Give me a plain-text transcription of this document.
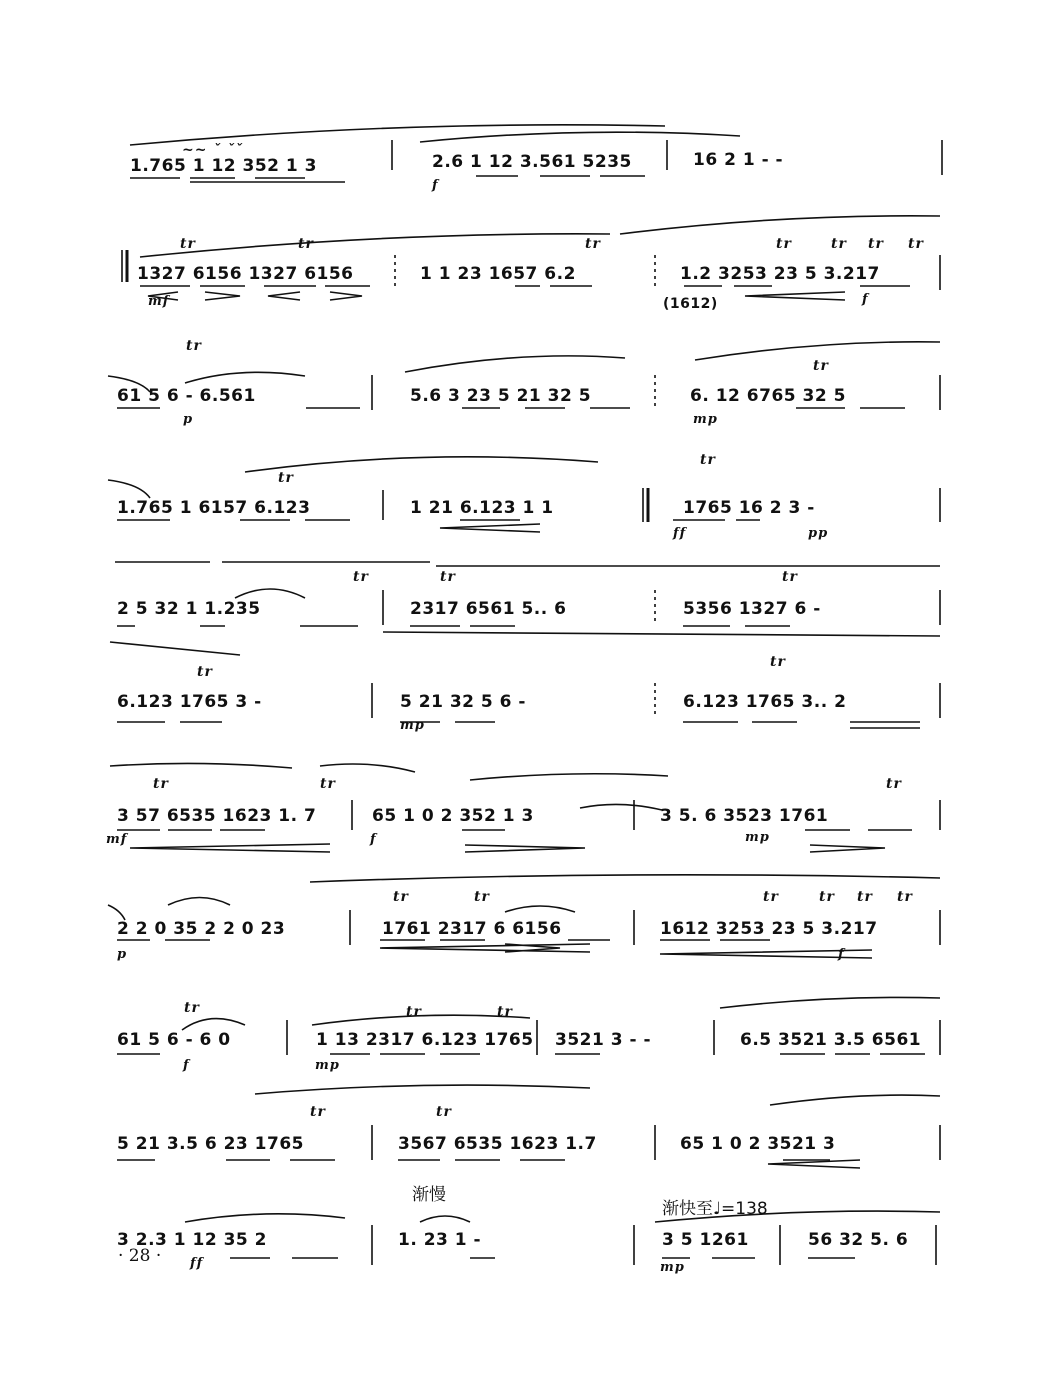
~~ ˇ ˇˇ
1.765 1 12 352 1 3
f
2.6 1 12 3.561 5235	16 2 1 - -
tr	tr	tr	tr	tr tr tr
1327 6156 1327 6156	1 1 23 1657 6.2	1.2 3253 23 5 3.217
mf	f
(1612)
tr
tr
61 5 6 - 6.561	5.6 3 23 5 21 32 5	6. 12 6765 32 5
p	mp
tr
tr
1.765 1 6157 6.123	1 21 6.123 1 1	1765 16 2 3 -
ff	pp
tr	tr	tr
2 5 32 1 1.235	2317 6561 5.. 6	5356 1327 6 -
tr
tr
6.123 1765 3 -	5 21 32 5 6 -	6.123 1765 3.. 2
mp
tr	tr	tr
3 57 6535 1623 1. 7	65 1 0 2 352 1 3	3 5. 6 3523 1761
mf	f	mp
tr	tr	tr	tr tr tr
2 2 0 35 2 2 0 23	1761 2317 6 6156	1612 3253 23 5 3.217
p	f
tr	tr	tr
61 5 6 - 6 0	1 13 2317 6.123 1765 3521 3 - -	6.5 3521 3.5 6561
f	mp
tr	tr
5 21 3.5 6 23 1765	3567 6535 1623 1.7	65 1 0 2 3521 3
渐慢
渐快至♩=138
3 2.3 1 12 35 2	1. 23 1 -	3 5 1261	56 32 5. 6
ff	mp
· 28 ·
